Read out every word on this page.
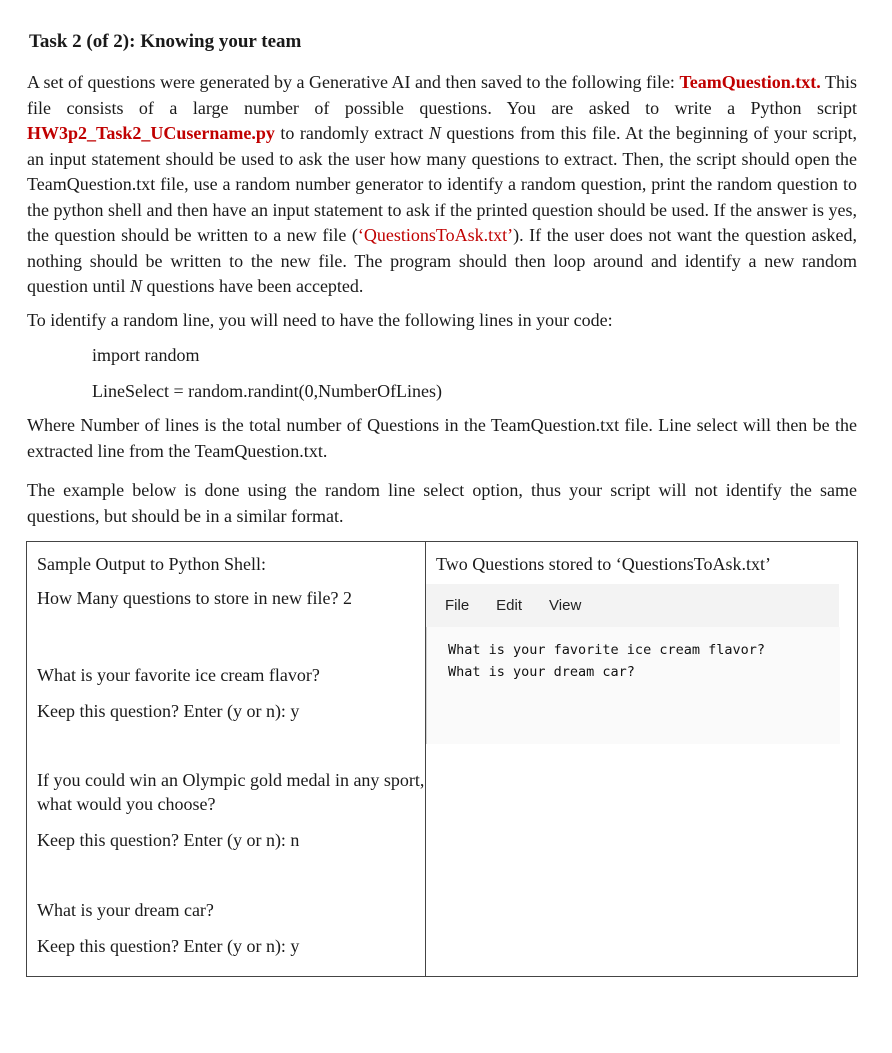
Task 2 (of 2): Knowing your team

A set of questions were generated by a Generative AI and then saved to the following file: TeamQuestion.txt. This file consists of a large number of possible questions. You are asked to write a Python script HW3p2_Task2_UCusername.py to randomly extract N questions from this file. At the beginning of your script, an input statement should be used to ask the user how many questions to extract. Then, the script should open the TeamQuestion.txt file, use a random number generator to identify a random question, print the random question to the python shell and then have an input statement to ask if the printed question should be used. If the answer is yes, the question should be written to a new file (‘QuestionsToAsk.txt’). If the user does not want the question asked, nothing should be written to the new file. The program should then loop around and identify a new random question until N questions have been accepted.

To identify a random line, you will need to have the following lines in your code:

import random
LineSelect = random.randint(0,NumberOfLines)

Where Number of lines is the total number of Questions in the TeamQuestion.txt file. Line select will then be the extracted line from the TeamQuestion.txt.

The example below is done using the random line select option, thus your script will not identify the same questions, but should be in a similar format.

Sample Output to Python Shell:

How Many questions to store in new file? 2

What is your favorite ice cream flavor?

Keep this question? Enter (y or n): y

If you could win an Olympic gold medal in any sport, what would you choose?

Keep this question? Enter (y or n): n

What is your dream car?

Keep this question? Enter (y or n): y

Two Questions stored to ‘QuestionsToAsk.txt’

File Edit View
What is your favorite ice cream flavor?
What is your dream car?
